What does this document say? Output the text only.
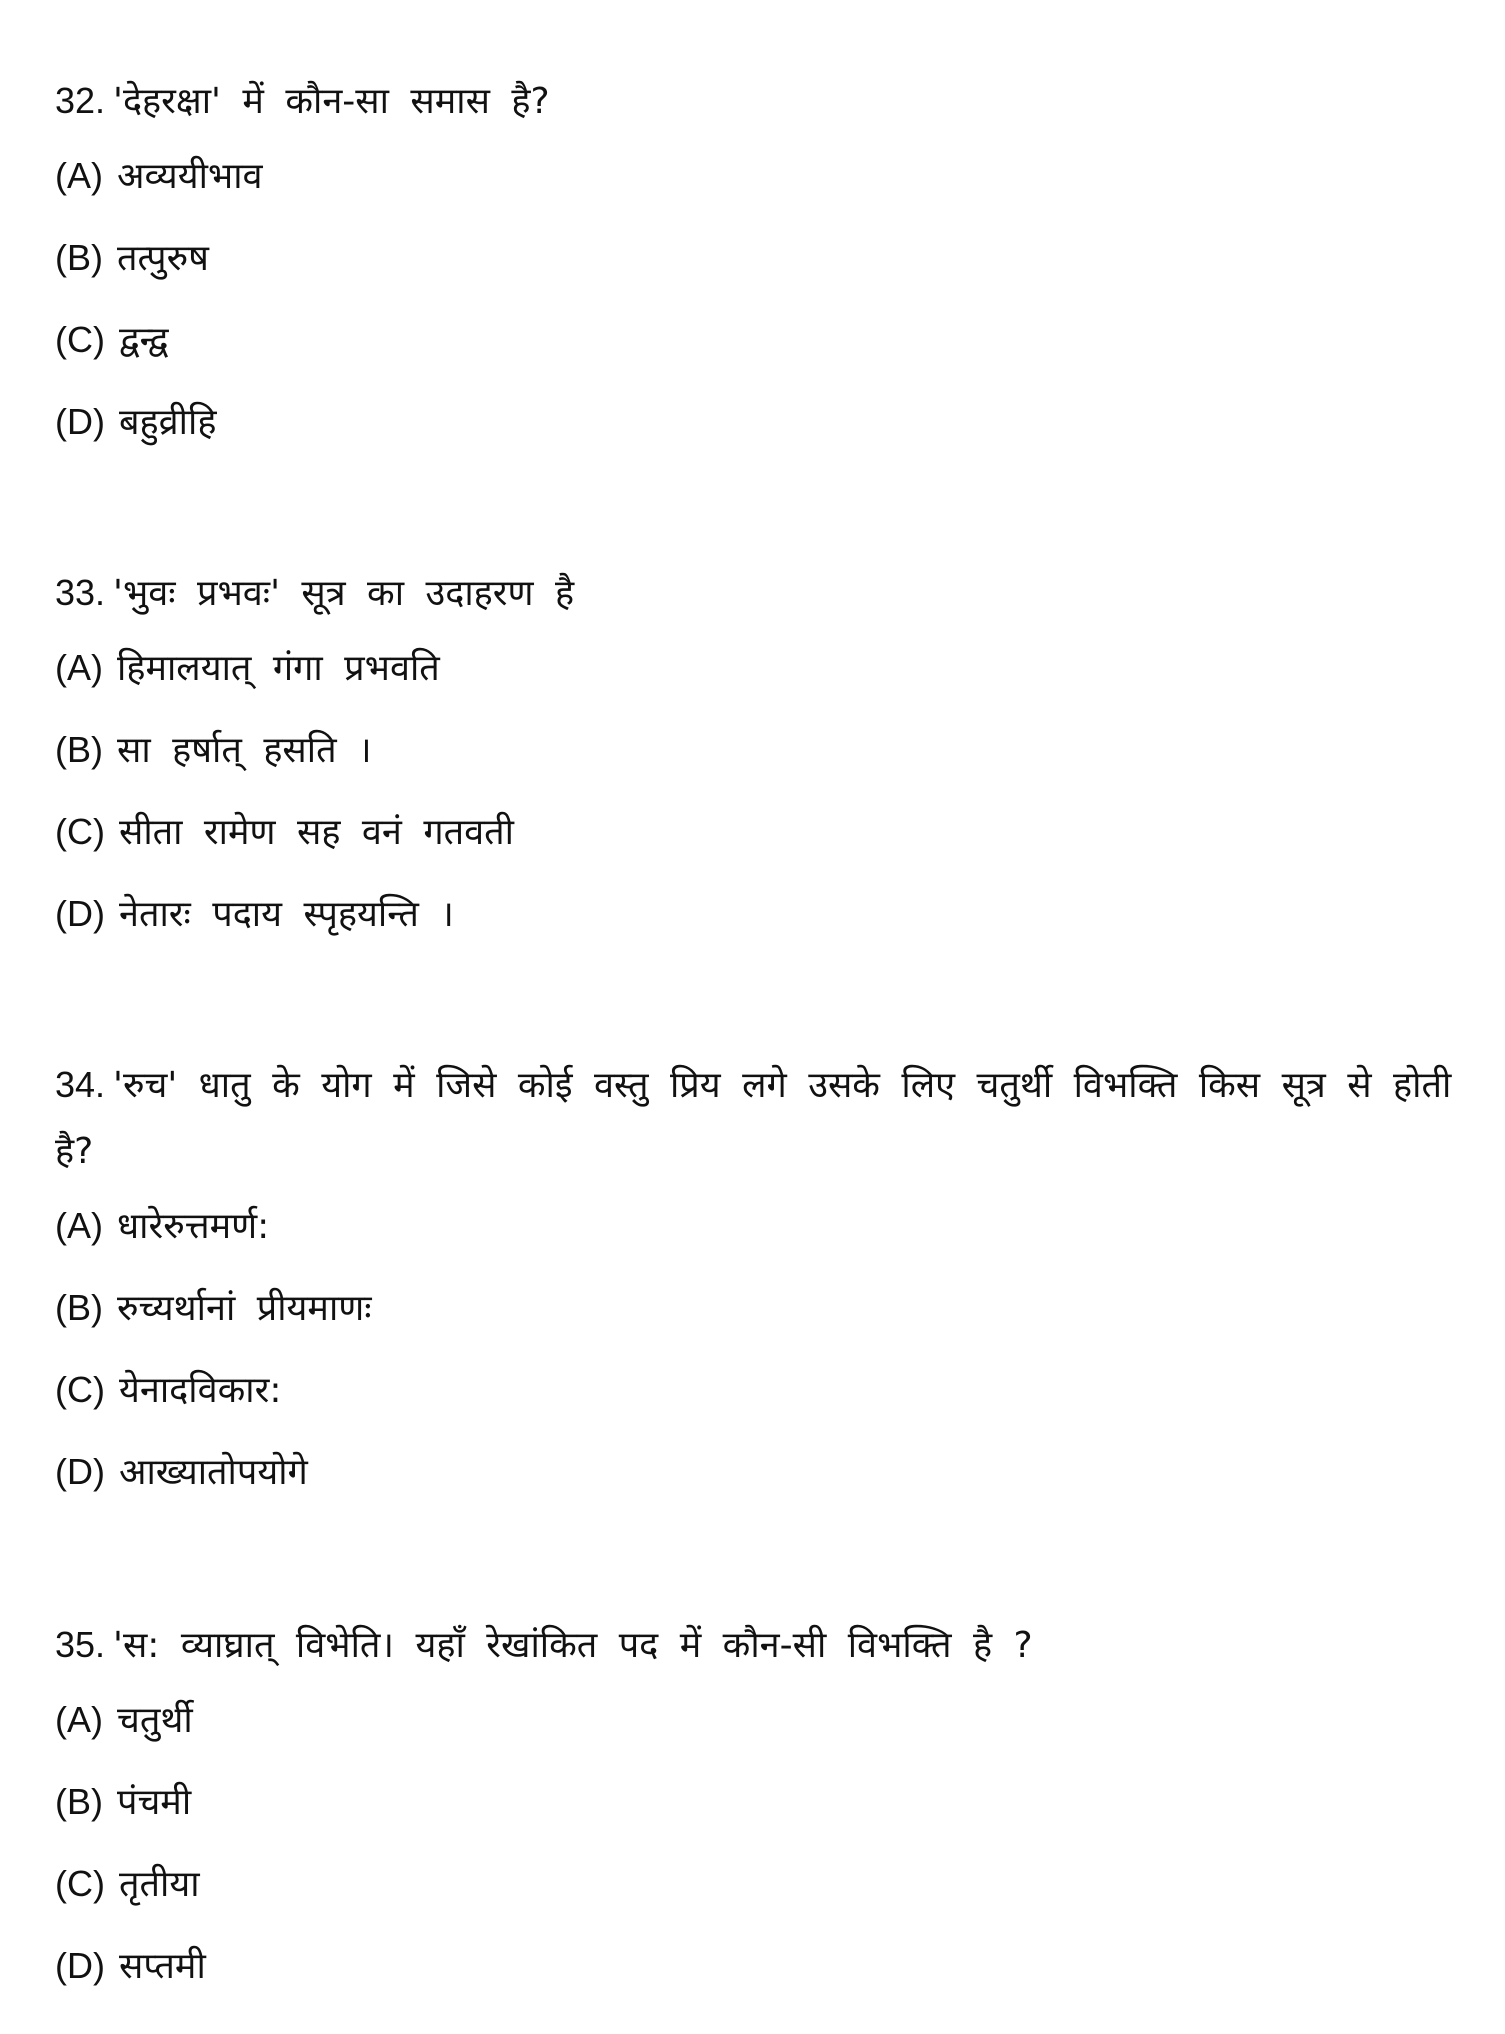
32. 'देहरक्षा' में कौन-सा समास है?
(A) अव्ययीभाव
(B) तत्पुरुष
(C) द्वन्द्व
(D) बहुव्रीहि
33. 'भुवः प्रभवः' सूत्र का उदाहरण है
(A) हिमालयात् गंगा प्रभवति
(B) सा हर्षात् हसति ।
(C) सीता रामेण सह वनं गतवती
(D) नेतारः पदाय स्पृहयन्ति ।
34. 'रुच' धातु के योग में जिसे कोई वस्तु प्रिय लगे उसके लिए चतुर्थी विभक्ति किस सूत्र से होती है?
(A) धारेरुत्तमर्ण:
(B) रुच्यर्थानां प्रीयमाणः
(C) येनादविकार:
(D) आख्यातोपयोगे
35. 'स: व्याघ्रात् विभेति। यहाँ रेखांकित पद में कौन-सी विभक्ति है ?
(A) चतुर्थी
(B) पंचमी
(C) तृतीया
(D) सप्तमी
